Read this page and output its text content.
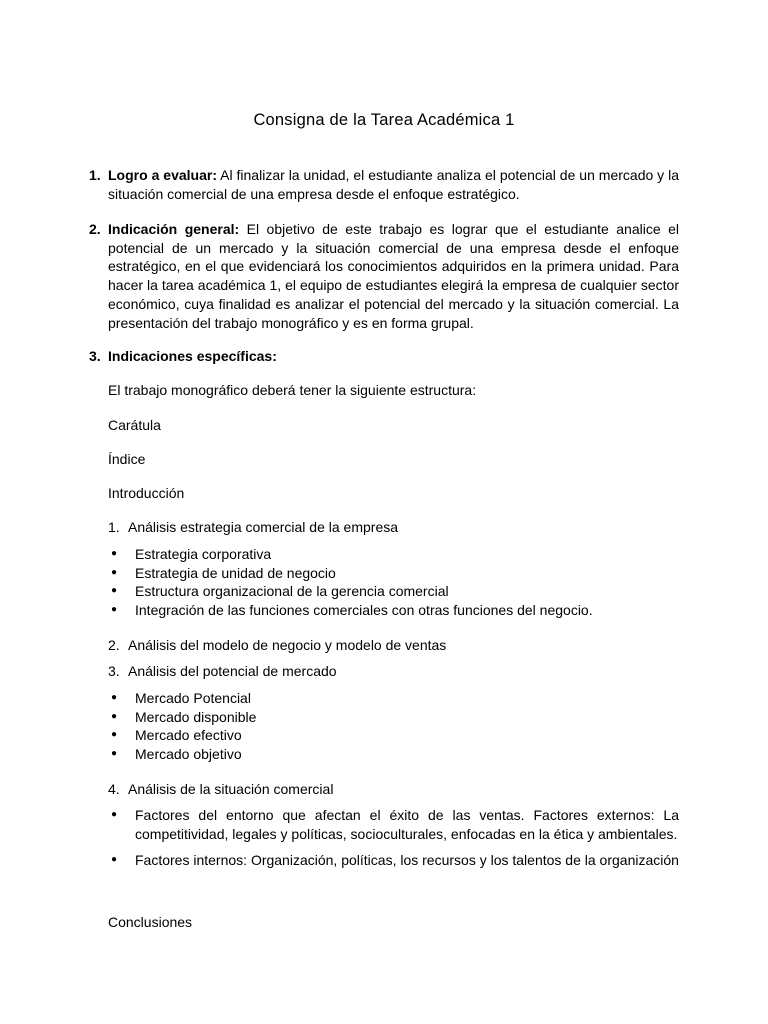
Consigna de la Tarea Académica 1
1. Logro a evaluar: Al finalizar la unidad, el estudiante analiza el potencial de un mercado y la situación comercial de una empresa desde el enfoque estratégico.
2. Indicación general: El objetivo de este trabajo es lograr que el estudiante analice el potencial de un mercado y la situación comercial de una empresa desde el enfoque estratégico, en el que evidenciará los conocimientos adquiridos en la primera unidad. Para hacer la tarea académica 1, el equipo de estudiantes elegirá la empresa de cualquier sector económico, cuya finalidad es analizar el potencial del mercado y la situación comercial. La presentación del trabajo monográfico y es en forma grupal.
3. Indicaciones específicas:
El trabajo monográfico deberá tener la siguiente estructura:
Carátula
Índice
Introducción
1. Análisis estrategia comercial de la empresa
● Estrategia corporativa
● Estrategia de unidad de negocio
● Estructura organizacional de la gerencia comercial
● Integración de las funciones comerciales con otras funciones del negocio.
2. Análisis del modelo de negocio y modelo de ventas
3. Análisis del potencial de mercado
● Mercado Potencial
● Mercado disponible
● Mercado efectivo
● Mercado objetivo
4. Análisis de la situación comercial
● Factores del entorno que afectan el éxito de las ventas. Factores externos: La competitividad, legales y políticas, socioculturales, enfocadas en la ética y ambientales.
● Factores internos: Organización, políticas, los recursos y los talentos de la organización
Conclusiones
